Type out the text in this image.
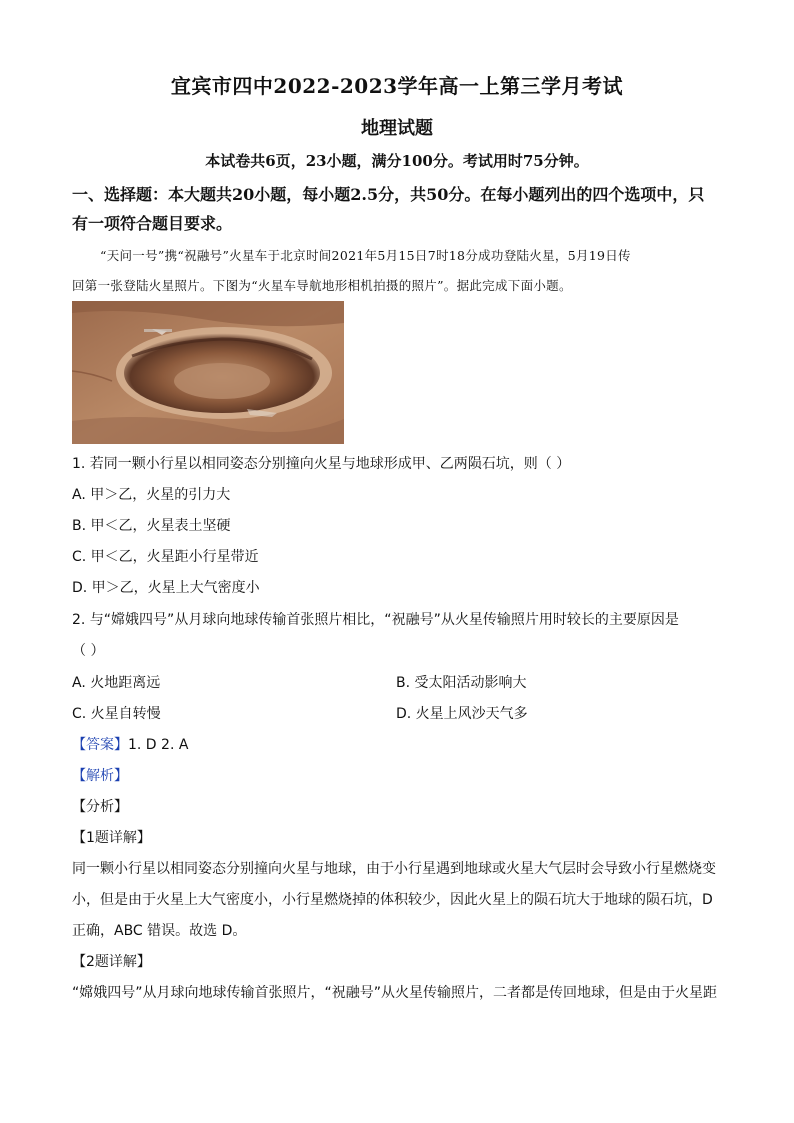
宜宾市四中2022-2023学年高一上第三学月考试
地理试题
本试卷共6页，23小题，满分100分。考试用时75分钟。
一、选择题：本大题共20小题，每小题2.5分，共50分。在每小题列出的四个选项中，只
有一项符合题目要求。
“天问一号”携“祝融号”火星车于北京时间2021年5月15日7时18分成功登陆火星，5月19日传
回第一张登陆火星照片。下图为“火星车导航地形相机拍摄的照片”。据此完成下面小题。
1. 若同一颗小行星以相同姿态分别撞向火星与地球形成甲、乙两陨石坑，则（ ）
A. 甲＞乙，火星的引力大
B. 甲＜乙，火星表土坚硬
C. 甲＜乙，火星距小行星带近
D. 甲＞乙，火星上大气密度小
2. 与“嫦娥四号”从月球向地球传输首张照片相比，“祝融号”从火星传输照片用时较长的主要原因是
（ ）
A. 火地距离远	B. 受太阳活动影响大
C. 火星自转慢	D. 火星上风沙天气多
【答案】1. D 2. A
【解析】
【分析】
【1题详解】
同一颗小行星以相同姿态分别撞向火星与地球，由于小行星遇到地球或火星大气层时会导致小行星燃烧变
小，但是由于火星上大气密度小，小行星燃烧掉的体积较少，因此火星上的陨石坑大于地球的陨石坑，D
正确，ABC 错误。故选 D。
【2题详解】
“嫦娥四号”从月球向地球传输首张照片，“祝融号”从火星传输照片，二者都是传回地球，但是由于火星距
